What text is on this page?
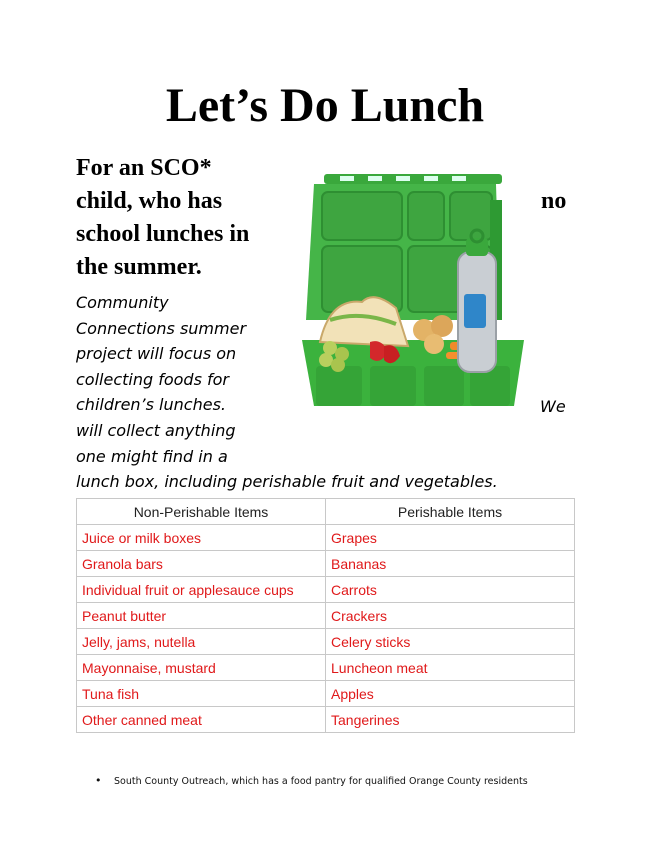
Let’s Do Lunch
For an SCO*
child, who has
school lunches in
the summer.
no
Community
Connections summer
project will focus on
collecting foods for
children’s lunches.
will collect anything
one might find in a
We
lunch box, including perishable fruit and vegetables.
Non-Perishable Items	Perishable Items
Juice or milk boxes	Grapes
Granola bars	Bananas
Individual fruit or applesauce cups	Carrots
Peanut butter	Crackers
Jelly, jams, nutella	Celery sticks
Mayonnaise, mustard	Luncheon meat
Tuna fish	Apples
Other canned meat	Tangerines
• South County Outreach, which has a food pantry for qualified Orange County residents
